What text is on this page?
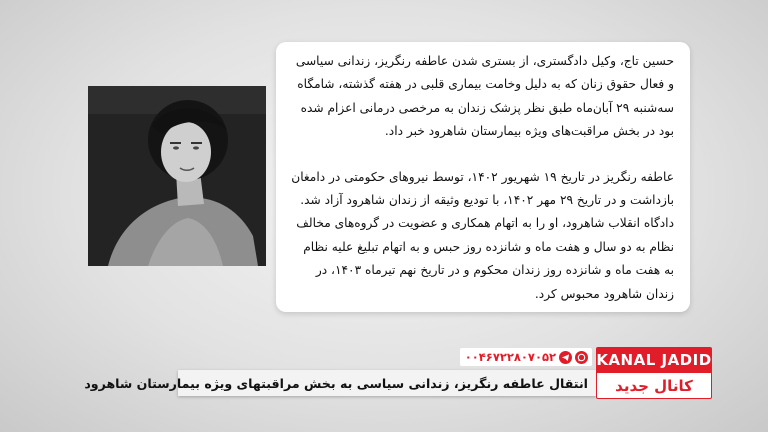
حسین تاج، وکیل دادگستری، از بستری شدن عاطفه رنگریز، زندانی سیاسی و فعال حقوق زنان که به دلیل وخامت بیماری قلبی در هفته گذشته، شامگاه سه‌شنبه ۲۹ آبان‌ماه طبق نظر پزشک زندان به مرخصی درمانی اعزام شده بود در بخش مراقبت‌های ویژه بیمارستان شاهرود خبر داد.

عاطفه رنگریز در تاریخ ۱۹ شهریور ۱۴۰۲، توسط نیروهای حکومتی در دامغان بازداشت و در تاریخ ۲۹ مهر ۱۴۰۲، با تودیع وثیقه از زندان شاهرود آزاد شد. دادگاه انقلاب شاهرود، او را به اتهام همکاری و عضویت در گروه‌های مخالف نظام به دو سال و هفت ماه و شانزده روز حبس و به اتهام تبلیغ علیه نظام به هفت ماه و شانزده روز زندان محکوم و در تاریخ نهم تیرماه ۱۴۰۳، در زندان شاهرود محبوس کرد.

۰۰۴۶۷۲۲۸۰۷۰۵۲
انتقال عاطفه رنگریز، زندانی سیاسی به بخش مراقبتهای ویژه بیمارستان شاهرود
KANAL JADID
کانال جدید
